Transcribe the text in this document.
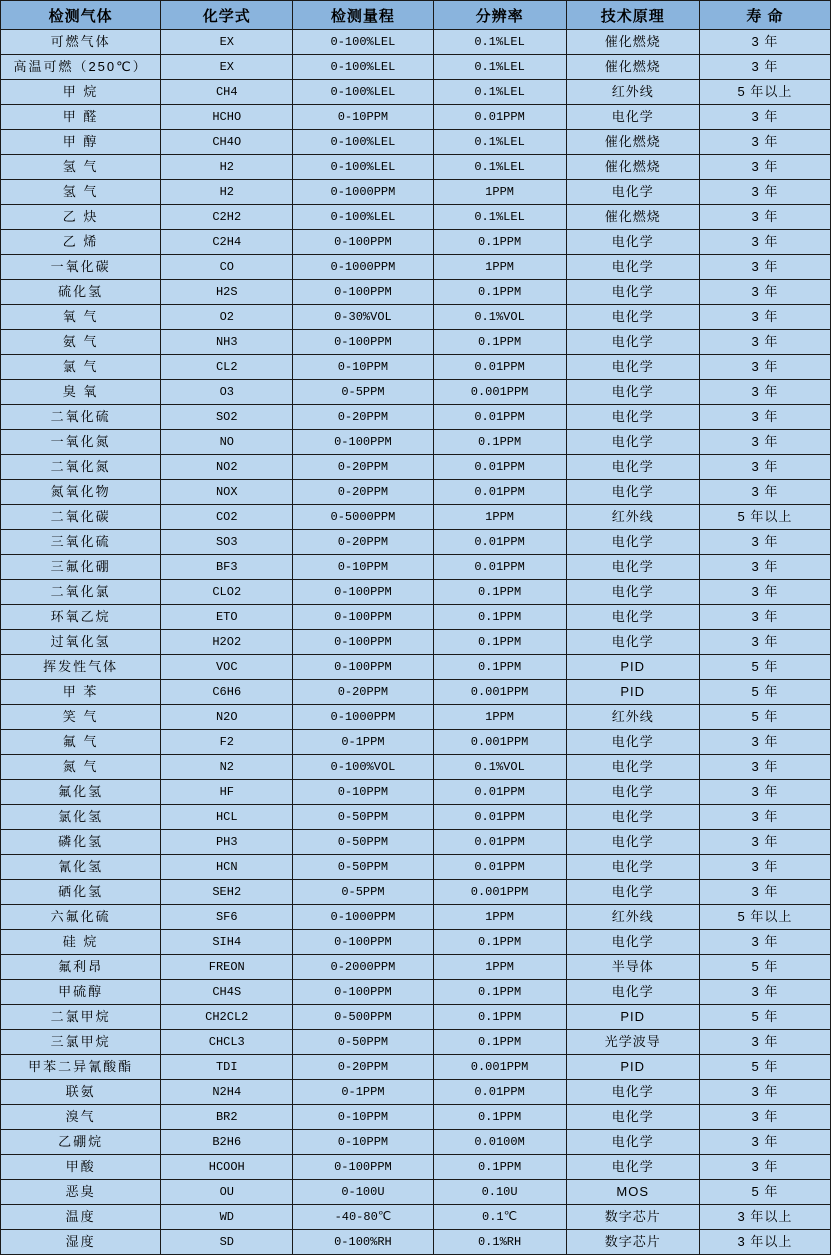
检测气体	化学式	检测量程	分辨率	技术原理	寿 命
可燃气体	EX	0-100%LEL	0.1%LEL	催化燃烧	3 年
高温可燃（250℃）	EX	0-100%LEL	0.1%LEL	催化燃烧	3 年
甲 烷	CH4	0-100%LEL	0.1%LEL	红外线	5 年以上
甲 醛	HCHO	0-10PPM	0.01PPM	电化学	3 年
甲 醇	CH4O	0-100%LEL	0.1%LEL	催化燃烧	3 年
氢 气	H2	0-100%LEL	0.1%LEL	催化燃烧	3 年
氢 气	H2	0-1000PPM	1PPM	电化学	3 年
乙 炔	C2H2	0-100%LEL	0.1%LEL	催化燃烧	3 年
乙 烯	C2H4	0-100PPM	0.1PPM	电化学	3 年
一氧化碳	CO	0-1000PPM	1PPM	电化学	3 年
硫化氢	H2S	0-100PPM	0.1PPM	电化学	3 年
氧 气	O2	0-30%VOL	0.1%VOL	电化学	3 年
氨 气	NH3	0-100PPM	0.1PPM	电化学	3 年
氯 气	CL2	0-10PPM	0.01PPM	电化学	3 年
臭 氧	O3	0-5PPM	0.001PPM	电化学	3 年
二氧化硫	SO2	0-20PPM	0.01PPM	电化学	3 年
一氧化氮	NO	0-100PPM	0.1PPM	电化学	3 年
二氧化氮	NO2	0-20PPM	0.01PPM	电化学	3 年
氮氧化物	NOX	0-20PPM	0.01PPM	电化学	3 年
二氧化碳	CO2	0-5000PPM	1PPM	红外线	5 年以上
三氧化硫	SO3	0-20PPM	0.01PPM	电化学	3 年
三氟化硼	BF3	0-10PPM	0.01PPM	电化学	3 年
二氧化氯	CLO2	0-100PPM	0.1PPM	电化学	3 年
环氧乙烷	ETO	0-100PPM	0.1PPM	电化学	3 年
过氧化氢	H2O2	0-100PPM	0.1PPM	电化学	3 年
挥发性气体	VOC	0-100PPM	0.1PPM	PID	5 年
甲 苯	C6H6	0-20PPM	0.001PPM	PID	5 年
笑 气	N2O	0-1000PPM	1PPM	红外线	5 年
氟 气	F2	0-1PPM	0.001PPM	电化学	3 年
氮 气	N2	0-100%VOL	0.1%VOL	电化学	3 年
氟化氢	HF	0-10PPM	0.01PPM	电化学	3 年
氯化氢	HCL	0-50PPM	0.01PPM	电化学	3 年
磷化氢	PH3	0-50PPM	0.01PPM	电化学	3 年
氰化氢	HCN	0-50PPM	0.01PPM	电化学	3 年
硒化氢	SEH2	0-5PPM	0.001PPM	电化学	3 年
六氟化硫	SF6	0-1000PPM	1PPM	红外线	5 年以上
硅 烷	SIH4	0-100PPM	0.1PPM	电化学	3 年
氟利昂	FREON	0-2000PPM	1PPM	半导体	5 年
甲硫醇	CH4S	0-100PPM	0.1PPM	电化学	3 年
二氯甲烷	CH2CL2	0-500PPM	0.1PPM	PID	5 年
三氯甲烷	CHCL3	0-50PPM	0.1PPM	光学波导	3 年
甲苯二异氰酸酯	TDI	0-20PPM	0.001PPM	PID	5 年
联氨	N2H4	0-1PPM	0.01PPM	电化学	3 年
溴气	BR2	0-10PPM	0.1PPM	电化学	3 年
乙硼烷	B2H6	0-10PPM	0.0100M	电化学	3 年
甲酸	HCOOH	0-100PPM	0.1PPM	电化学	3 年
恶臭	OU	0-100U	0.10U	MOS	5 年
温度	WD	-40-80℃	0.1℃	数字芯片	3 年以上
湿度	SD	0-100%RH	0.1%RH	数字芯片	3 年以上
